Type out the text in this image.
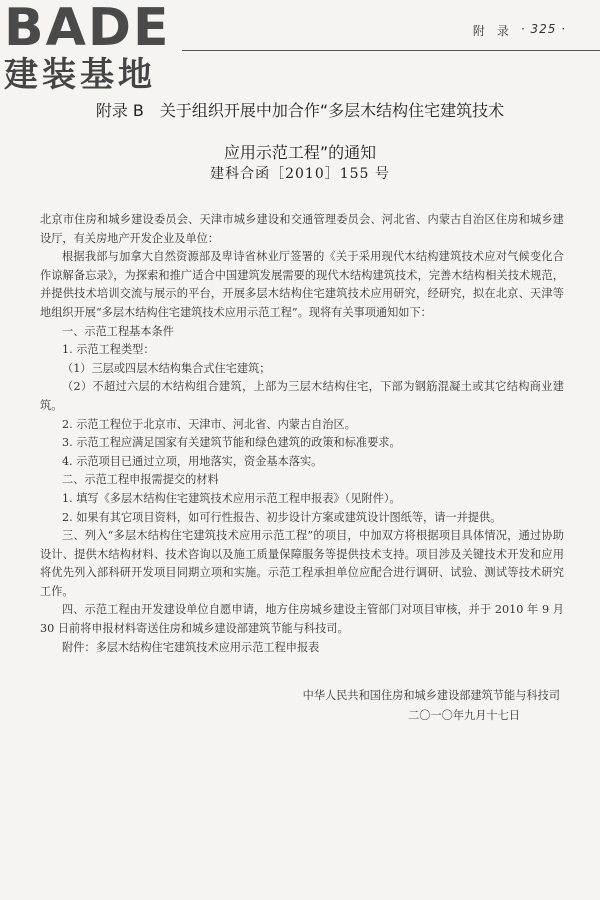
BADE
建装基地
附　录 · 325 ·
附录 B　关于组织开展中加合作“多层木结构住宅建筑技术
应用示范工程”的通知
建科合函［2010］155 号

北京市住房和城乡建设委员会、天津市城乡建设和交通管理委员会、河北省、内蒙古自治区住房和城乡建设厅，有关房地产开发企业及单位：

根据我部与加拿大自然资源部及卑诗省林业厅签署的《关于采用现代木结构建筑技术应对气候变化合作谅解备忘录》，为探索和推广适合中国建筑发展需要的现代木结构建筑技术，完善木结构相关技术规范，并提供技术培训交流与展示的平台，开展多层木结构住宅建筑技术应用研究，经研究，拟在北京、天津等地组织开展“多层木结构住宅建筑技术应用示范工程”。现将有关事项通知如下：

一、示范工程基本条件

1. 示范工程类型：

（1）三层或四层木结构集合式住宅建筑；

（2）不超过六层的木结构组合建筑，上部为三层木结构住宅，下部为钢筋混凝土或其它结构商业建筑。

2. 示范工程位于北京市、天津市、河北省、内蒙古自治区。

3. 示范工程应满足国家有关建筑节能和绿色建筑的政策和标准要求。

4. 示范项目已通过立项，用地落实，资金基本落实。

二、示范工程申报需提交的材料

1. 填写《多层木结构住宅建筑技术应用示范工程申报表》（见附件）。

2. 如果有其它项目资料，如可行性报告、初步设计方案或建筑设计图纸等，请一并提供。

三、列入“多层木结构住宅建筑技术应用示范工程”的项目，中加双方将根据项目具体情况，通过协助设计、提供木结构材料、技术咨询以及施工质量保障服务等提供技术支持。项目涉及关键技术开发和应用将优先列入部科研开发项目同期立项和实施。示范工程承担单位应配合进行调研、试验、测试等技术研究工作。

四、示范工程由开发建设单位自愿申请，地方住房城乡建设主管部门对项目审核，并于 2010 年 9 月 30 日前将申报材料寄送住房和城乡建设部建筑节能与科技司。

附件：多层木结构住宅建筑技术应用示范工程申报表

中华人民共和国住房和城乡建设部建筑节能与科技司
二〇一〇年九月十七日
